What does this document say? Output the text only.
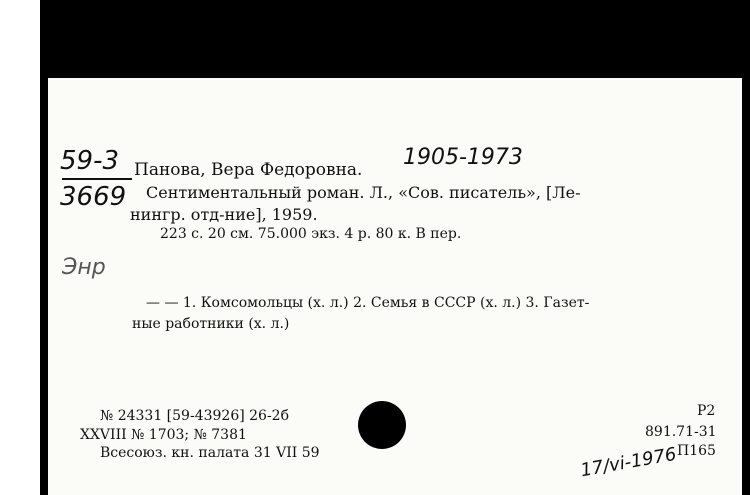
59-3
3669
Панова, Вера Федоровна. 1905-1973
Сентиментальный роман. Л., «Сов. писатель», [Ле-
нингр. отд-ние], 1959.
223 с. 20 см. 75.000 экз. 4 р. 80 к. В пер.
Энр
— — 1. Комсомольцы (х. л.) 2. Семья в СССР (х. л.) 3. Газет-
ные работники (х. л.)
№ 24331 [59-43926] 26-2б
XXVIII № 1703; № 7381
Всесоюз. кн. палата 31 VII 59
P2
891.71-31
П165
17/vi-1976
